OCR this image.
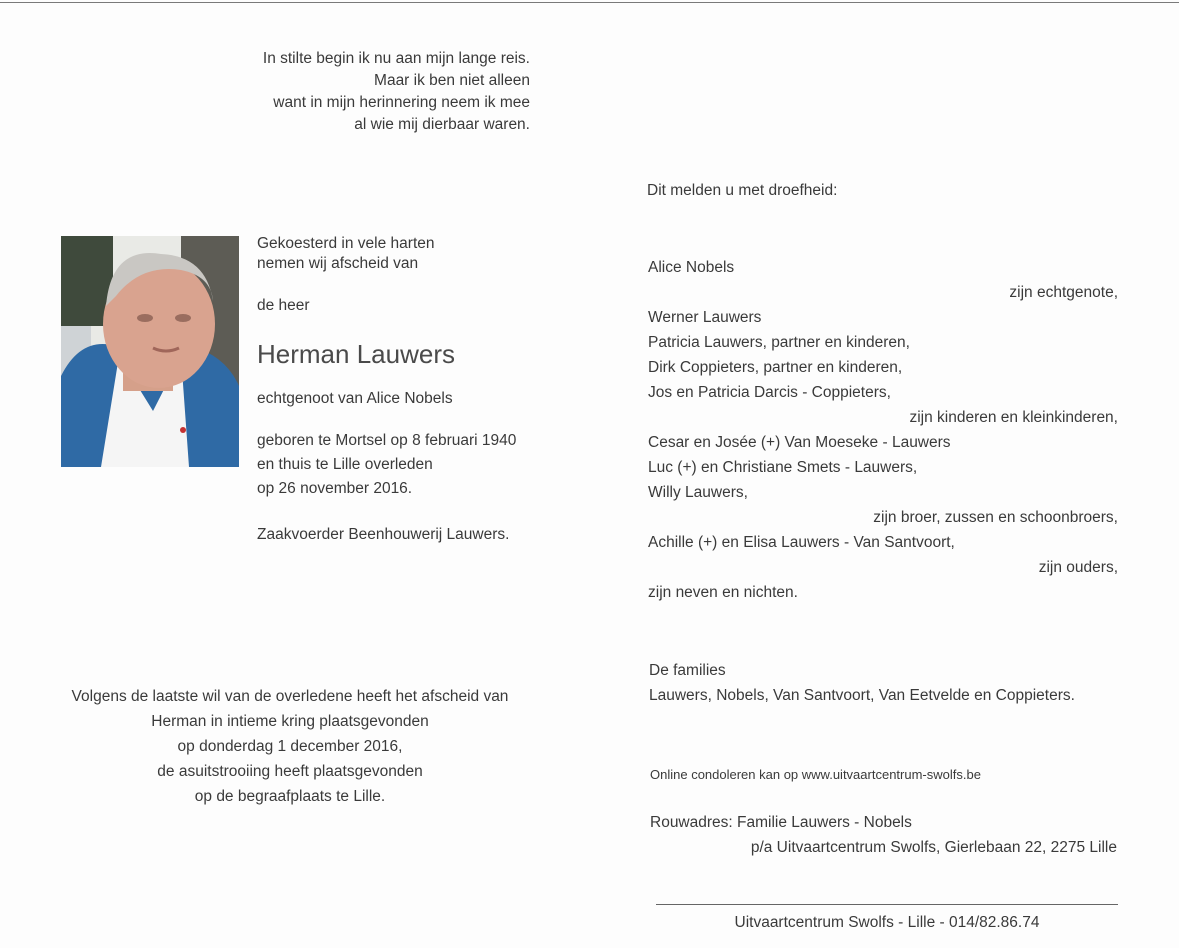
In stilte begin ik nu aan mijn lange reis.
Maar ik ben niet alleen
want in mijn herinnering neem ik mee
al wie mij dierbaar waren.
Gekoesterd in vele harten
nemen wij afscheid van
de heer
Herman Lauwers
echtgenoot van Alice Nobels
geboren te Mortsel op 8 februari 1940
en thuis te Lille overleden
op 26 november 2016.
Zaakvoerder Beenhouwerij Lauwers.
Volgens de laatste wil van de overledene heeft het afscheid van
Herman in intieme kring plaatsgevonden
op donderdag 1 december 2016,
de asuitstrooiing heeft plaatsgevonden
op de begraafplaats te Lille.
Dit melden u met droefheid:
Alice Nobels
zijn echtgenote,
Werner Lauwers
Patricia Lauwers, partner en kinderen,
Dirk Coppieters, partner en kinderen,
Jos en Patricia Darcis - Coppieters,
zijn kinderen en kleinkinderen,
Cesar en Josée (+) Van Moeseke - Lauwers
Luc (+) en Christiane Smets - Lauwers,
Willy Lauwers,
zijn broer, zussen en schoonbroers,
Achille (+) en Elisa Lauwers - Van Santvoort,
zijn ouders,
zijn neven en nichten.
De families
Lauwers, Nobels, Van Santvoort, Van Eetvelde en Coppieters.
Online condoleren kan op www.uitvaartcentrum-swolfs.be
Rouwadres: Familie Lauwers - Nobels
p/a Uitvaartcentrum Swolfs, Gierlebaan 22, 2275 Lille
Uitvaartcentrum Swolfs - Lille - 014/82.86.74
